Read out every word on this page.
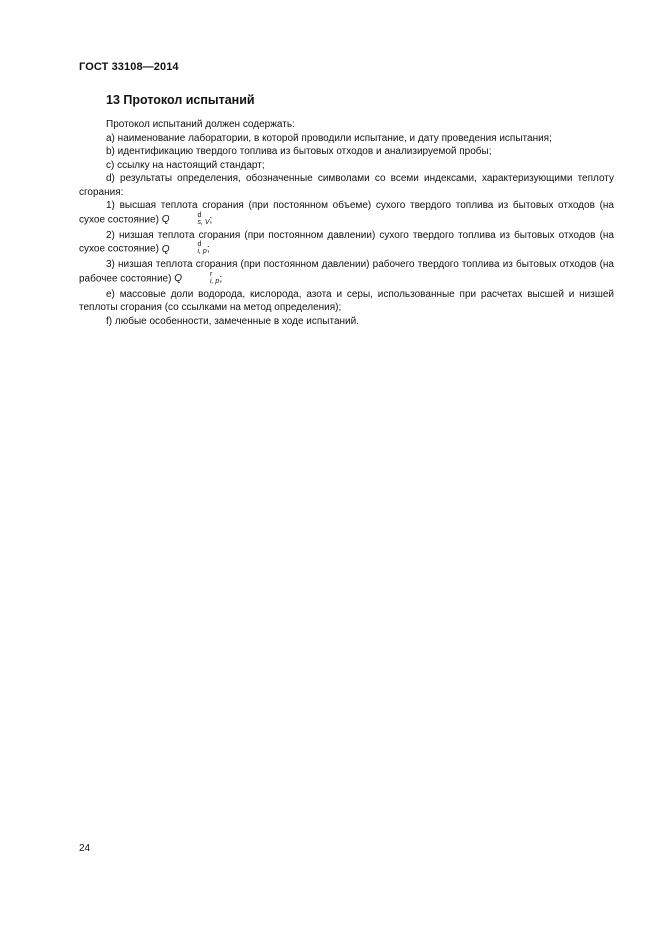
ГОСТ 33108—2014
13 Протокол испытаний

Протокол испытаний должен содержать:

а) наименование лаборатории, в которой проводили испытание, и дату проведения испытания;

b) идентификацию твердого топлива из бытовых отходов и анализируемой пробы;

с) ссылку на настоящий стандарт;

d) результаты определения, обозначенные символами со всеми индексами, характеризующими теплоту сгорания:

1) высшая теплота сгорания (при постоянном объеме) сухого твердого топлива из бытовых отходов (на сухое состояние) Q	d
s, V ;

2) низшая теплота сгорания (при постоянном давлении) сухого твердого топлива из бытовых отходов (на сухое состояние) Q	d
i, p ;

3) низшая теплота сгорания (при постоянном давлении) рабочего твердого топлива из бытовых отходов (на рабочее состояние) Q	r
i, p ;

е) массовые доли водорода, кислорода, азота и серы, использованные при расчетах высшей и низшей теплоты сгорания (со ссылками на метод определения);

f) любые особенности, замеченные в ходе испытаний.

24
